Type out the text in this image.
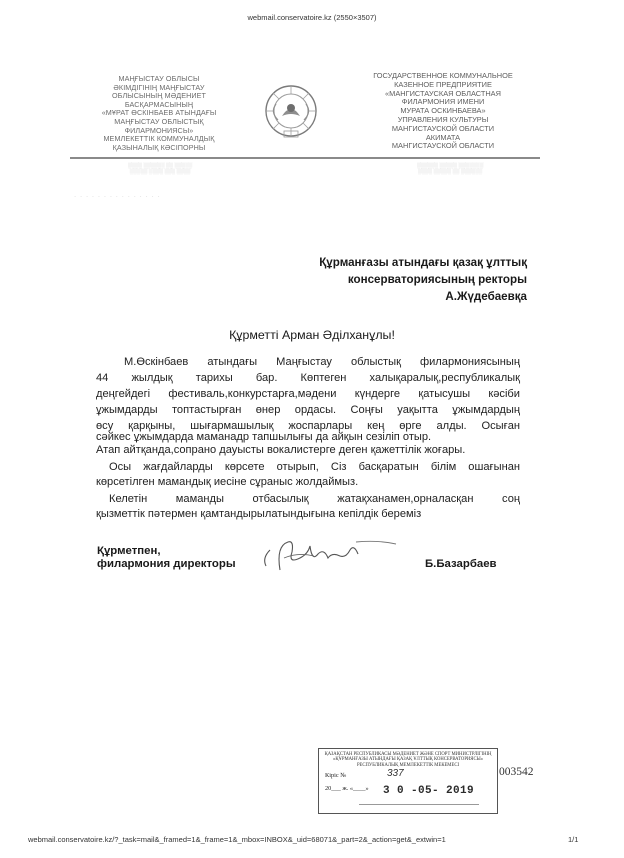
webmail.conservatoire.kz (2550×3507)
МАҢҒЫСТАУ ОБЛЫСЫ
ӘКІМДІГІНІҢ МАҢҒЫСТАУ
ОБЛЫСЫНЫҢ МӘДЕНИЕТ
БАСҚАРМАСЫНЫҢ
«МҰРАТ ӨСКІНБАЕВ АТЫНДАҒЫ
МАҢҒЫСТАУ ОБЛЫСТЫҚ
ФИЛАРМОНИЯСЫ»
МЕМЛЕКЕТТІК КОММУНАЛДЫҚ
ҚАЗЫНАЛЫҚ КӘСІПОРНЫ
ГОСУДАРСТВЕННОЕ КОММУНАЛЬНОЕ
КАЗЕННОЕ ПРЕДПРИЯТИЕ
«МАНГИСТАУСКАЯ ОБЛАСТНАЯ
ФИЛАРМОНИЯ ИМЕНИ
МУРАТА ОСКИНБАЕВА»
УПРАВЛЕНИЯ КУЛЬТУРЫ
МАНГИСТАУСКОЙ ОБЛАСТИ
АКИМАТА
МАНГИСТАУСКОЙ ОБЛАСТИ
░░░░ ░░░░░░ ░░ ░░░░░
░░░░░ ░░░░ ░░░ ░░░░
░░░░░░ ░░░░░ ░░░░░░░
░░░░ ░░░░░ ░░ ░░░░░░
· · · · · · · · · · · · · · ·
Құрманғазы атындағы қазақ ұлттық
консерваториясының ректоры
А.Жүдебаевқа
Құрметті Арман Әділханұлы!
М.Өскінбаев атындағы Маңғыстау облыстық филармониясының
44 жылдық тарихы бар. Көптеген халықаралық,республикалық
деңгейдегі фестиваль,конкурстарға,мәдени күндерге қатысушы кәсіби
ұжымдарды топтастырған өнер ордасы. Соңғы уақытта ұжымдардың
өсу қарқыны, шығармашылық жоспарлары кең өрге алды. Осыған
сәйкес ұжымдарда маманадр тапшылығы да айқын сезіліп отыр.
Атап айтқанда,сопрано дауысты вокалистерге деген қажеттілік жоғары.
Осы жағдайларды көрсете отырып, Сіз басқаратын білім ошағынан
көрсетілген мамандық иесіне сұраныс жолдаймыз.
Келетін маманды отбасылық жатақханамен,орналасқан соң
қызметтік пәтермен қамтандырылатындығына кепілдік береміз
Құрметпен,
филармония директоры	Б.Базарбаев
ҚАЗАҚСТАН РЕСПУБЛИКАСЫ МӘДЕНИЕТ ЖӘНЕ СПОРТ МИНИСТРЛІГІНІҢ
«ҚҰРМАНҒАЗЫ АТЫНДАҒЫ ҚАЗАҚ ҰЛТТЫҚ КОНСЕРВАТОРИЯСЫ»
РЕСПУБЛИКАЛЫҚ МЕМЛЕКЕТТІК МЕКЕМЕСІ
Кіріс №	337
20___ ж. «____» 3 0 -05- 2019
003542
webmail.conservatoire.kz/?_task=mail&_framed=1&_frame=1&_mbox=INBOX&_uid=68071&_part=2&_action=get&_extwin=1	1/1
